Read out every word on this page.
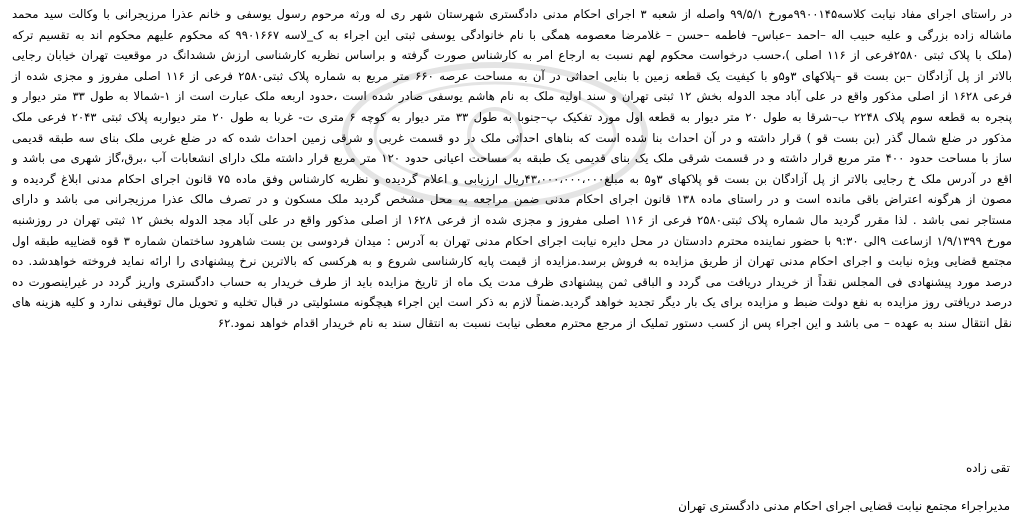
در راستای اجرای مفاد نیابت کلاسه۹۹۰۰۱۴۵مورخ ۹۹/۵/۱ واصله از شعبه ۳ اجرای احکام مدنی دادگستری شهرستان شهر ری له ورثه مرحوم رسول یوسفی و خانم عذرا مرزیجرانی با وکالت سید محمد ماشاله زاده بزرگی و علیه حبیب اله –احمد –عباس– فاطمه –حسن – غلامرضا معصومه همگی با نام خانوادگی یوسفی ثبتی این اجراء به ک_لاسه ۹۹۰۱۶۶۷ که محکوم علیهم محکوم اند به تقسیم ترکه (ملک با پلاک ثبتی ۲۵۸۰فرعی از ۱۱۶ اصلی )،حسب درخواست محکوم لهم نسبت به ارجاع امر به کارشناس صورت گرفته و براساس نظریه کارشناسی ارزش ششدانگ در موقعیت تهران خیابان رجایی بالاتر از پل آزادگان –بن بست قو –پلاکهای ۳و۵و با کیفیت یک قطعه زمین با بنایی احداثی در آن به مساحت عرصه ۶۶۰ متر مربع به شماره پلاک ثبتی۲۵۸۰ فرعی از ۱۱۶ اصلی مفروز و مجزی شده از فرعی ۱۶۲۸ از اصلی مذکور واقع در علی آباد مجد الدوله بخش ۱۲ ثبتی تهران و سند اولیه ملک به نام هاشم یوسفی صادر شده است ،حدود اربعه ملک عبارت است از ۱-شمالا به طول ۳۳ متر دیوار و پنجره به قطعه سوم پلاک ۲۲۴۸ ب–شرقا به طول ۲۰ متر دیوار به قطعه اول مورد تفکیک پ–جنوبا به طول ۳۳ متر دیوار به کوچه ۶ متری ت- غربا به طول ۲۰ متر دیواربه پلاک ثبتی ۲۰۴۳ فرعی ملک مذکور در ضلع شمال گذر (بن بست قو ) قرار داشته و در آن احداث بنا شده است که بناهای احداثی ملک در دو قسمت غربی و شرقی زمین احداث شده که در ضلع غربی ملک بنای سه طبقه قدیمی ساز با مساحت حدود ۴۰۰ متر مربع قرار داشته و در قسمت شرقی ملک یک بنای قدیمی یک طبقه به مساحت اعیانی حدود ۱۲۰ متر مربع قرار داشته ملک دارای انشعابات آب ،برق،گاز شهری می باشد و اقع در آدرس ملک خ رجایی بالاتر از پل آزادگان بن بست قو پلاکهای ۳و۵ به مبلغ۴۳،۰۰۰،۰۰۰،۰۰۰ریال ارزیابی و اعلام گردیده و نظریه کارشناس وفق ماده ۷۵ قانون اجرای احکام مدنی ابلاغ گردیده و مصون از هرگونه اعتراض باقی مانده است و در راستای ماده ۱۳۸ قانون اجرای احکام مدنی ضمن مراجعه به محل مشخص گردید ملک مسکون و در تصرف مالک عذرا مرزیجرانی می باشد و دارای مستاجر نمی باشد . لذا مقرر گردید مال شماره پلاک ثبتی۲۵۸۰ فرعی از ۱۱۶ اصلی مفروز و مجزی شده از فرعی ۱۶۲۸ از اصلی مذکور واقع در علی آباد مجد الدوله بخش ۱۲ ثبتی تهران در روزشنبه مورخ ۱/۹/۱۳۹۹ ازساعت ۹الی ۹:۳۰ با حضور نماینده محترم دادستان در محل دایره نیابت اجرای احکام مدنی تهران به آدرس : میدان فردوسی بن بست شاهرود ساختمان شماره ۳ قوه قضاییه طبقه اول مجتمع قضایی ویژه نیابت و اجرای احکام مدنی تهران از طریق مزایده به فروش برسد.مزایده از قیمت پایه کارشناسی شروع و به هرکسی که بالاترین نرخ پیشنهادی را ارائه نماید فروخته خواهدشد. ده درصد مورد پیشنهادی فی المجلس نقداً از خریدار دریافت می گردد و الباقی ثمن پیشنهادی ظرف مدت یک ماه از تاریخ مزایده باید از طرف خریدار به حساب دادگستری واریز گردد در غیراینصورت ده درصد دریافتی روز مزایده به نفع دولت ضبط و مزایده برای یک بار دیگر تجدید خواهد گردید.ضمناً لازم به ذکر است این اجراء هیچگونه مسئولیتی در قبال تخلیه و تحویل مال توقیفی ندارد و کلیه هزینه های نقل انتقال سند به عهده – می باشد و این اجراء پس از کسب دستور تملیک از مرجع محترم معطی نیابت نسبت به انتقال سند به نام خریدار اقدام خواهد نمود.۶۲

تقی زاده

مدیراجراء مجتمع نیابت قضایی اجرای احکام مدنی دادگستری تهران
